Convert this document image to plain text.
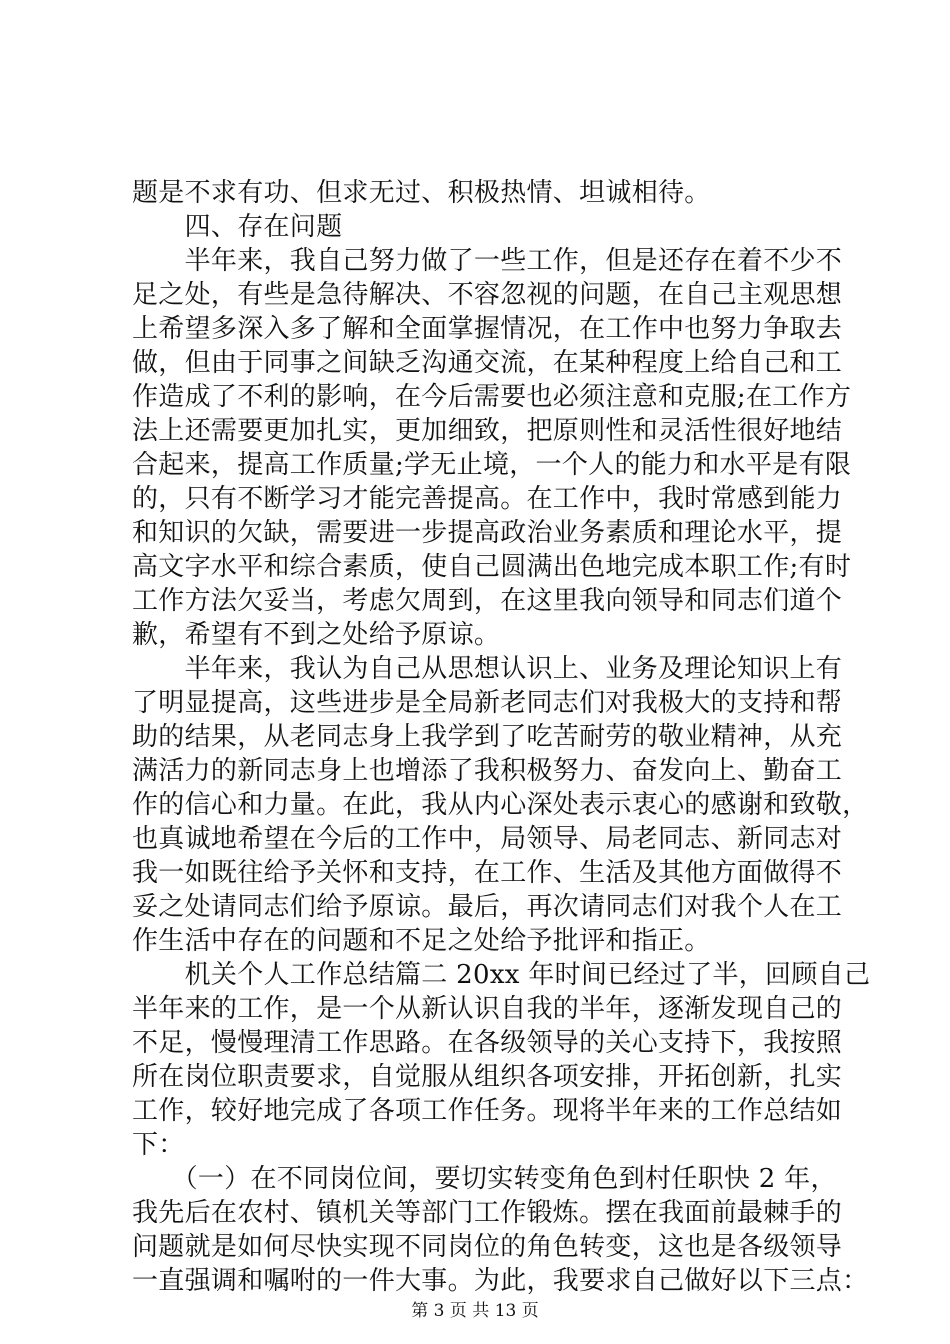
题是不求有功、但求无过、积极热情、坦诚相待。
　　四、存在问题
　　半年来，我自己努力做了一些工作，但是还存在着不少不
足之处，有些是急待解决、不容忽视的问题，在自己主观思想
上希望多深入多了解和全面掌握情况，在工作中也努力争取去
做，但由于同事之间缺乏沟通交流，在某种程度上给自己和工
作造成了不利的影响，在今后需要也必须注意和克服;在工作方
法上还需要更加扎实，更加细致，把原则性和灵活性很好地结
合起来，提高工作质量;学无止境，一个人的能力和水平是有限
的，只有不断学习才能完善提高。在工作中，我时常感到能力
和知识的欠缺，需要进一步提高政治业务素质和理论水平，提
高文字水平和综合素质，使自己圆满出色地完成本职工作;有时
工作方法欠妥当，考虑欠周到，在这里我向领导和同志们道个
歉，希望有不到之处给予原谅。
　　半年来，我认为自己从思想认识上、业务及理论知识上有
了明显提高，这些进步是全局新老同志们对我极大的支持和帮
助的结果，从老同志身上我学到了吃苦耐劳的敬业精神，从充
满活力的新同志身上也增添了我积极努力、奋发向上、勤奋工
作的信心和力量。在此，我从内心深处表示衷心的感谢和致敬，
也真诚地希望在今后的工作中，局领导、局老同志、新同志对
我一如既往给予关怀和支持，在工作、生活及其他方面做得不
妥之处请同志们给予原谅。最后，再次请同志们对我个人在工
作生活中存在的问题和不足之处给予批评和指正。
　　机关个人工作总结篇二 20xx 年时间已经过了半，回顾自己
半年来的工作，是一个从新认识自我的半年，逐渐发现自己的
不足，慢慢理清工作思路。在各级领导的关心支持下，我按照
所在岗位职责要求，自觉服从组织各项安排，开拓创新，扎实
工作，较好地完成了各项工作任务。现将半年来的工作总结如
下：
　　（一）在不同岗位间，要切实转变角色到村任职快 2 年，
我先后在农村、镇机关等部门工作锻炼。摆在我面前最棘手的
问题就是如何尽快实现不同岗位的角色转变，这也是各级领导
一直强调和嘱咐的一件大事。为此，我要求自己做好以下三点：
第 3 页 共 13 页
